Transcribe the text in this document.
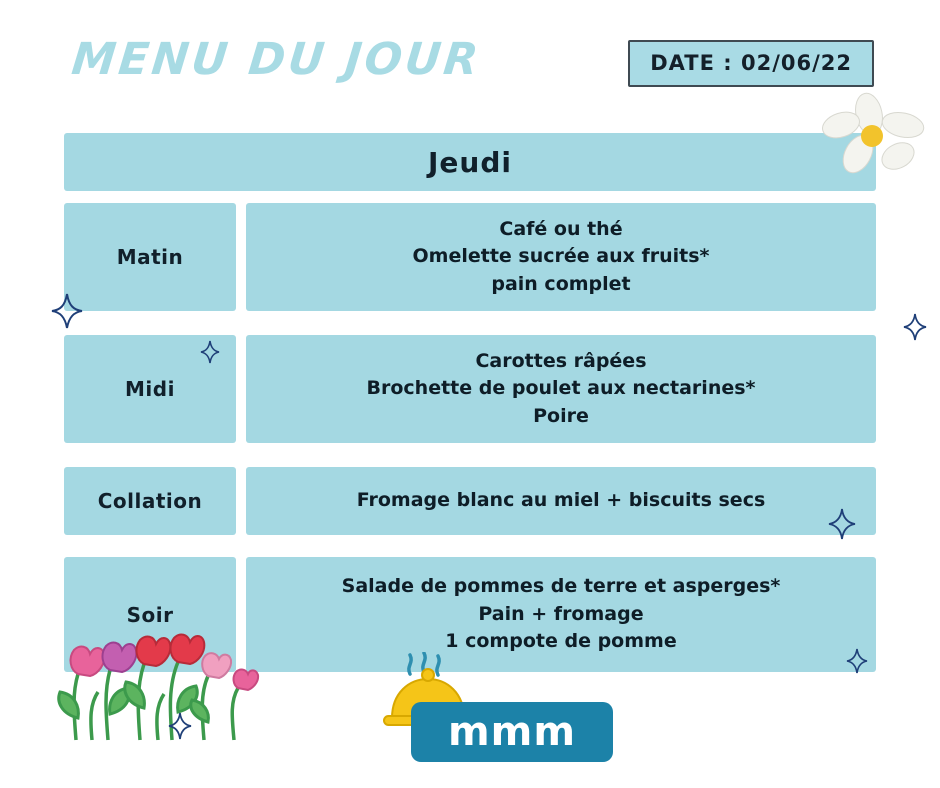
MENU DU JOUR	DATE : 02/06/22
Jeudi
Matin
Café ou thé
Omelette sucrée aux fruits*
pain complet
Midi
Carottes râpées
Brochette de poulet aux nectarines*
Poire
Collation	Fromage blanc au miel + biscuits secs
Soir
Salade de pommes de terre et asperges*
Pain + fromage
1 compote de pomme
mmm
